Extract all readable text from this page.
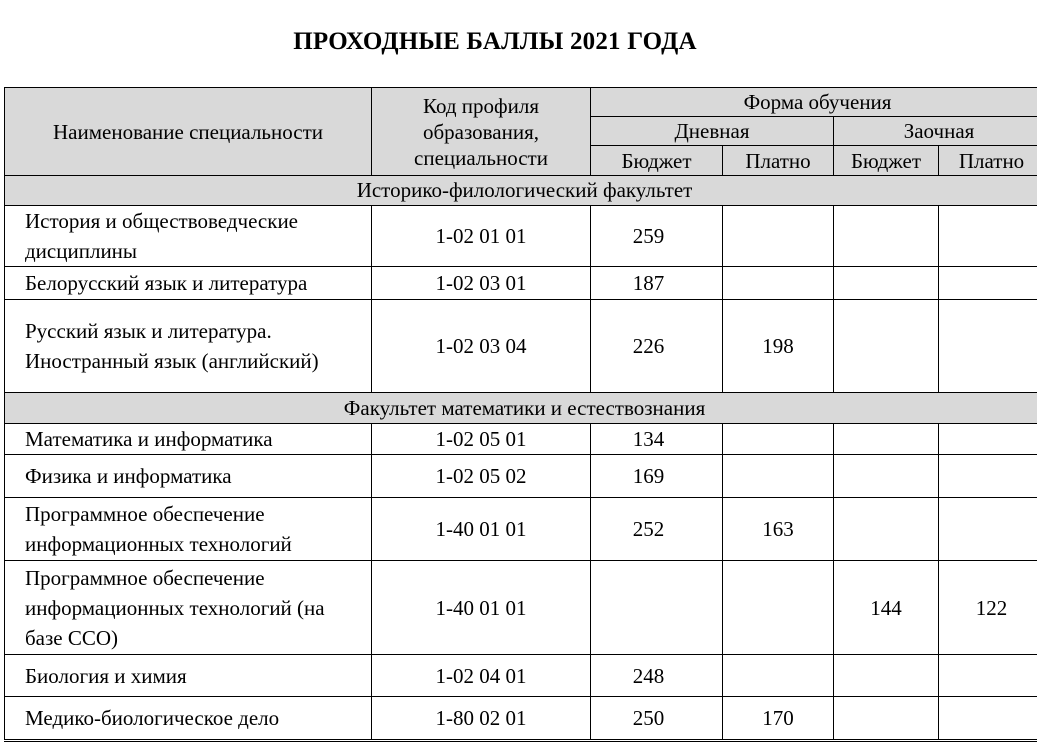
ПРОХОДНЫЕ БАЛЛЫ 2021 ГОДА
Наименование специальности	Код профиля образования, специальности	Форма обучения			
		Дневная		Заочная	
		Бюджет	Платно	Бюджет	Платно
Историко-филологический факультет					
История и обществоведческие дисциплины	1-02 01 01	259			
Белорусский язык и литература	1-02 03 01	187			
Русский язык и литература. Иностранный язык (английский)	1-02 03 04	226	198		
Факультет математики и естествознания					
Математика и информатика	1-02 05 01	134			
Физика и информатика	1-02 05 02	169			
Программное обеспечение информационных технологий	1-40 01 01	252	163		
Программное обеспечение информационных технологий (на базе ССО)	1-40 01 01			144	122
Биология и химия	1-02 04 01	248			
Медико-биологическое дело	1-80 02 01	250	170		
